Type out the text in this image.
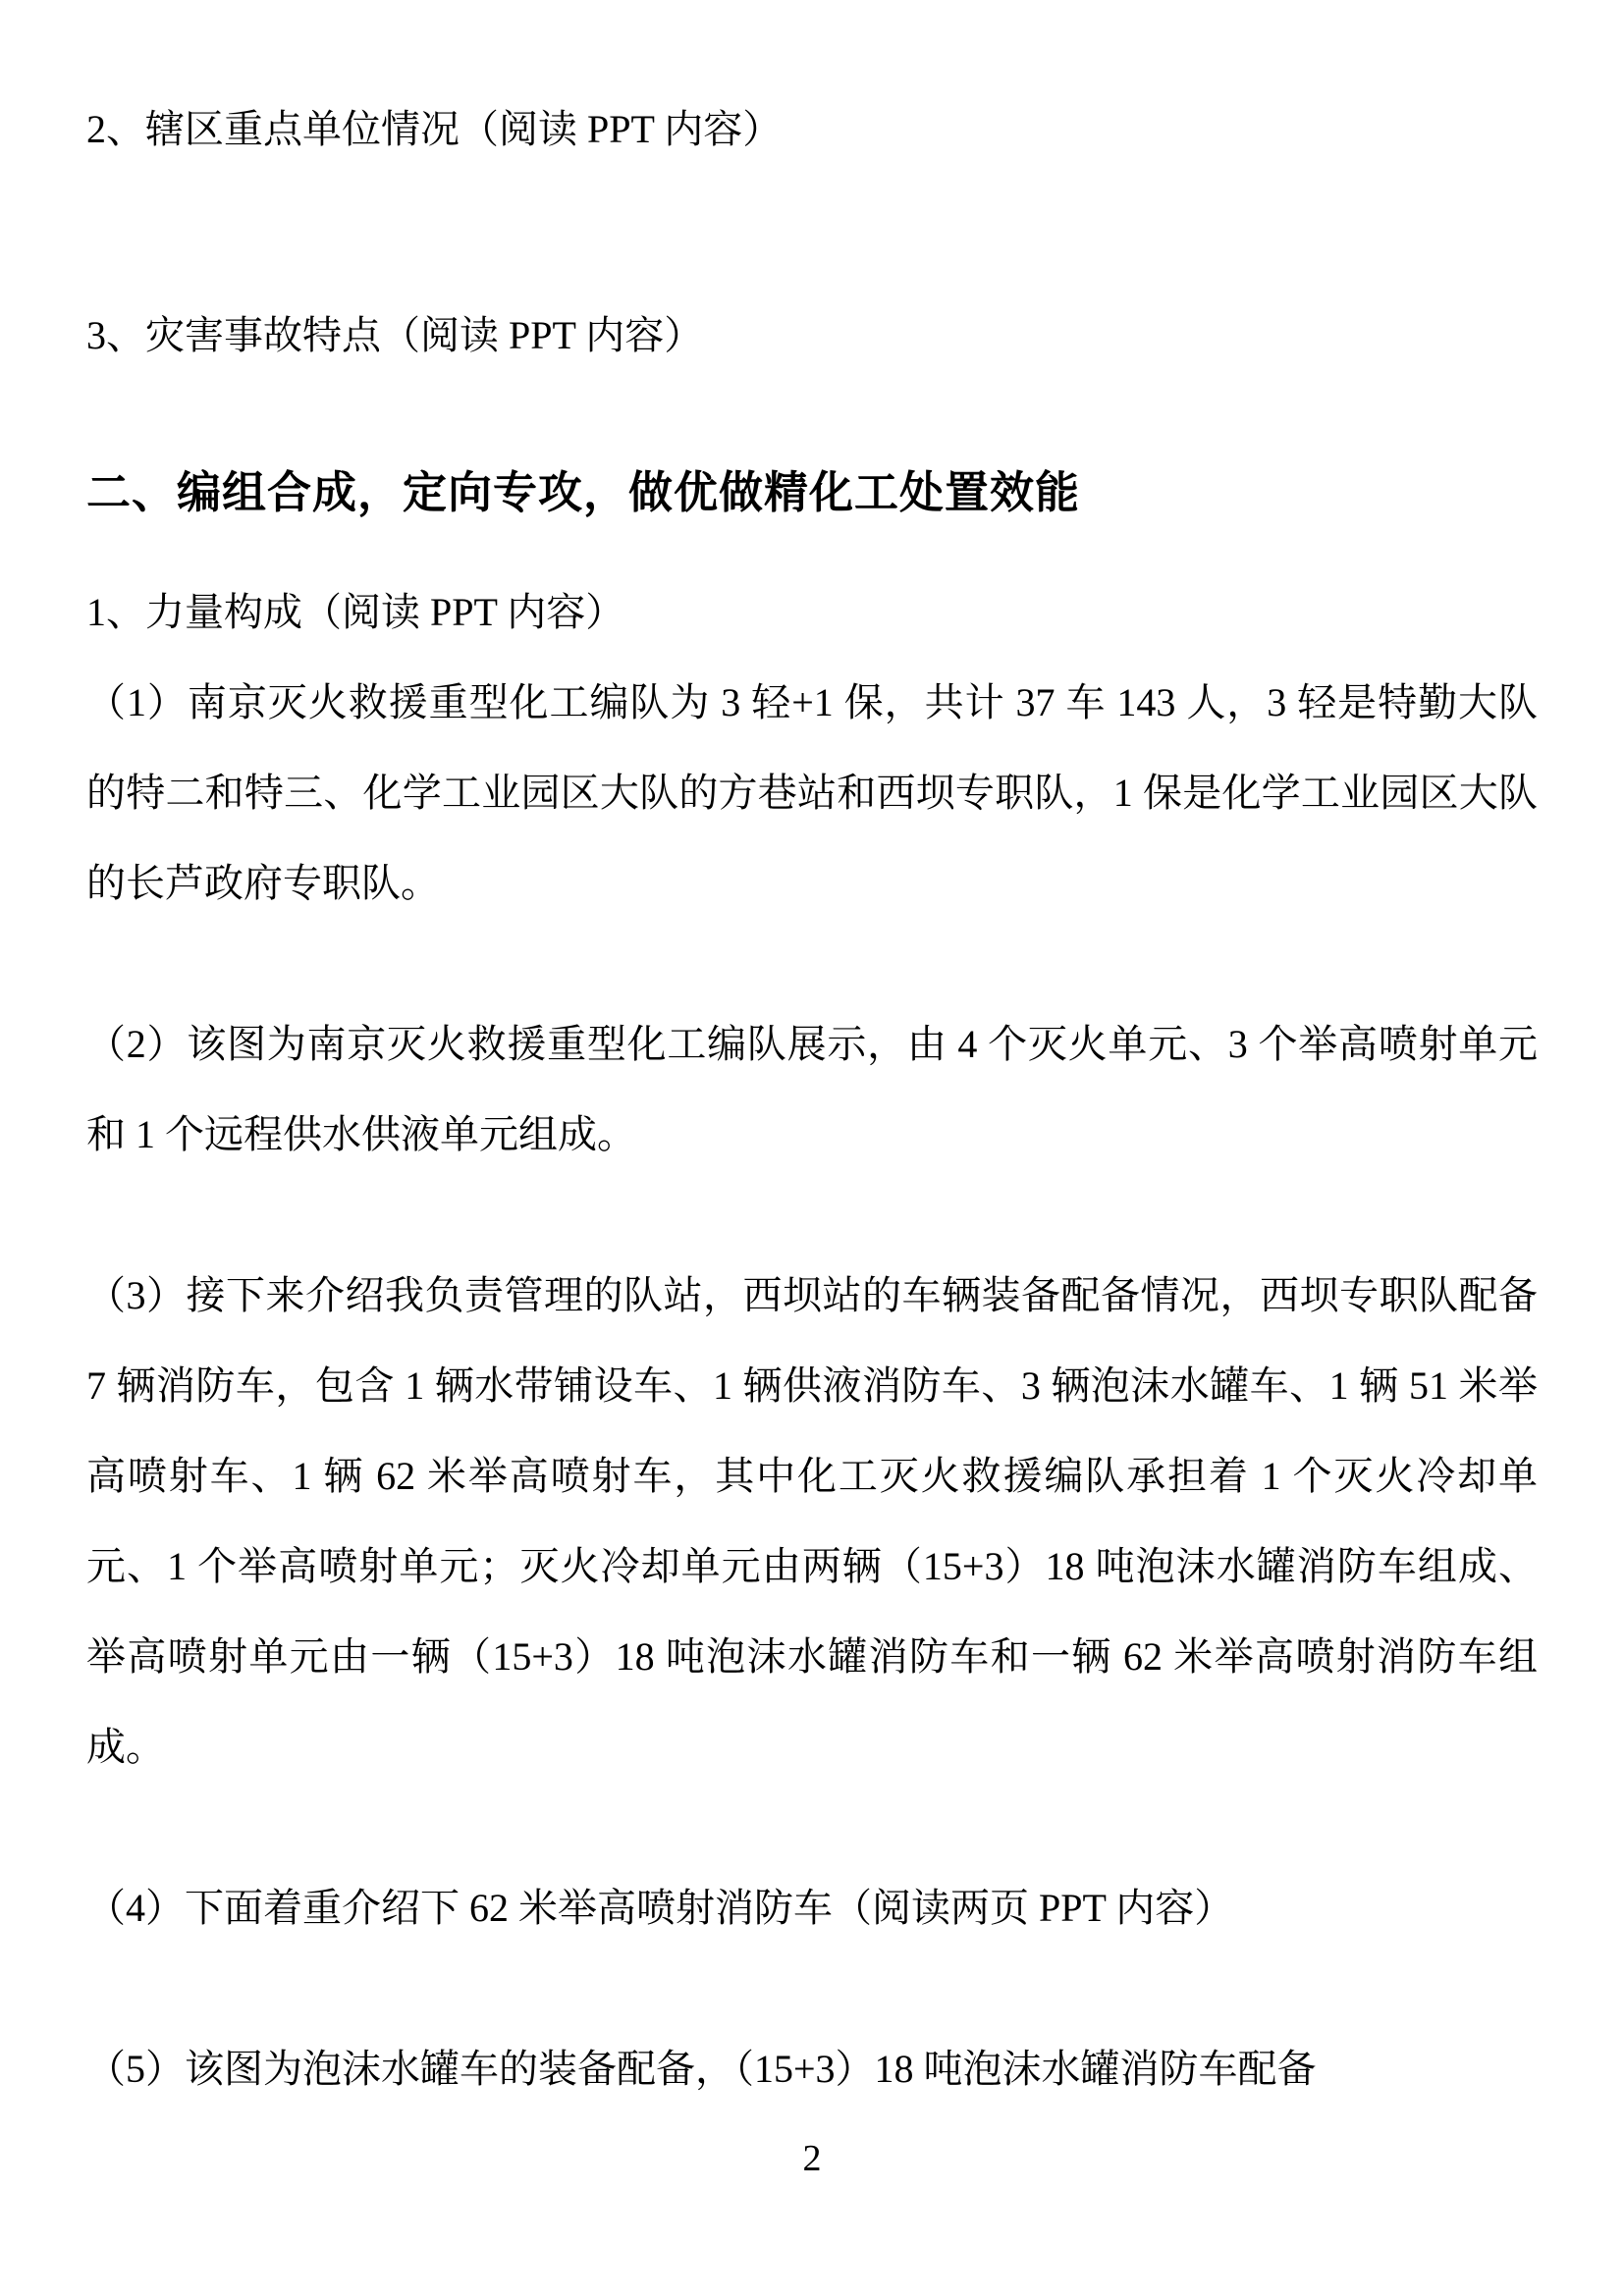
2、辖区重点单位情况（阅读 PPT 内容）

3、灾害事故特点（阅读 PPT 内容）

二、编组合成，定向专攻，做优做精化工处置效能

1、力量构成（阅读 PPT 内容）

（1）南京灭火救援重型化工编队为 3 轻+1 保，共计 37 车 143 人，3 轻是特勤大队的特二和特三、化学工业园区大队的方巷站和西坝专职队，1 保是化学工业园区大队的长芦政府专职队。

（2）该图为南京灭火救援重型化工编队展示，由 4 个灭火单元、3 个举高喷射单元和 1 个远程供水供液单元组成。

（3）接下来介绍我负责管理的队站，西坝站的车辆装备配备情况，西坝专职队配备 7 辆消防车，包含 1 辆水带铺设车、1 辆供液消防车、3 辆泡沫水罐车、1 辆 51 米举高喷射车、1 辆 62 米举高喷射车，其中化工灭火救援编队承担着 1 个灭火冷却单元、1 个举高喷射单元；灭火冷却单元由两辆（15+3）18 吨泡沫水罐消防车组成、举高喷射单元由一辆（15+3）18 吨泡沫水罐消防车和一辆 62 米举高喷射消防车组成。

（4）下面着重介绍下 62 米举高喷射消防车（阅读两页 PPT 内容）

（5）该图为泡沫水罐车的装备配备，（15+3）18 吨泡沫水罐消防车配备

2
